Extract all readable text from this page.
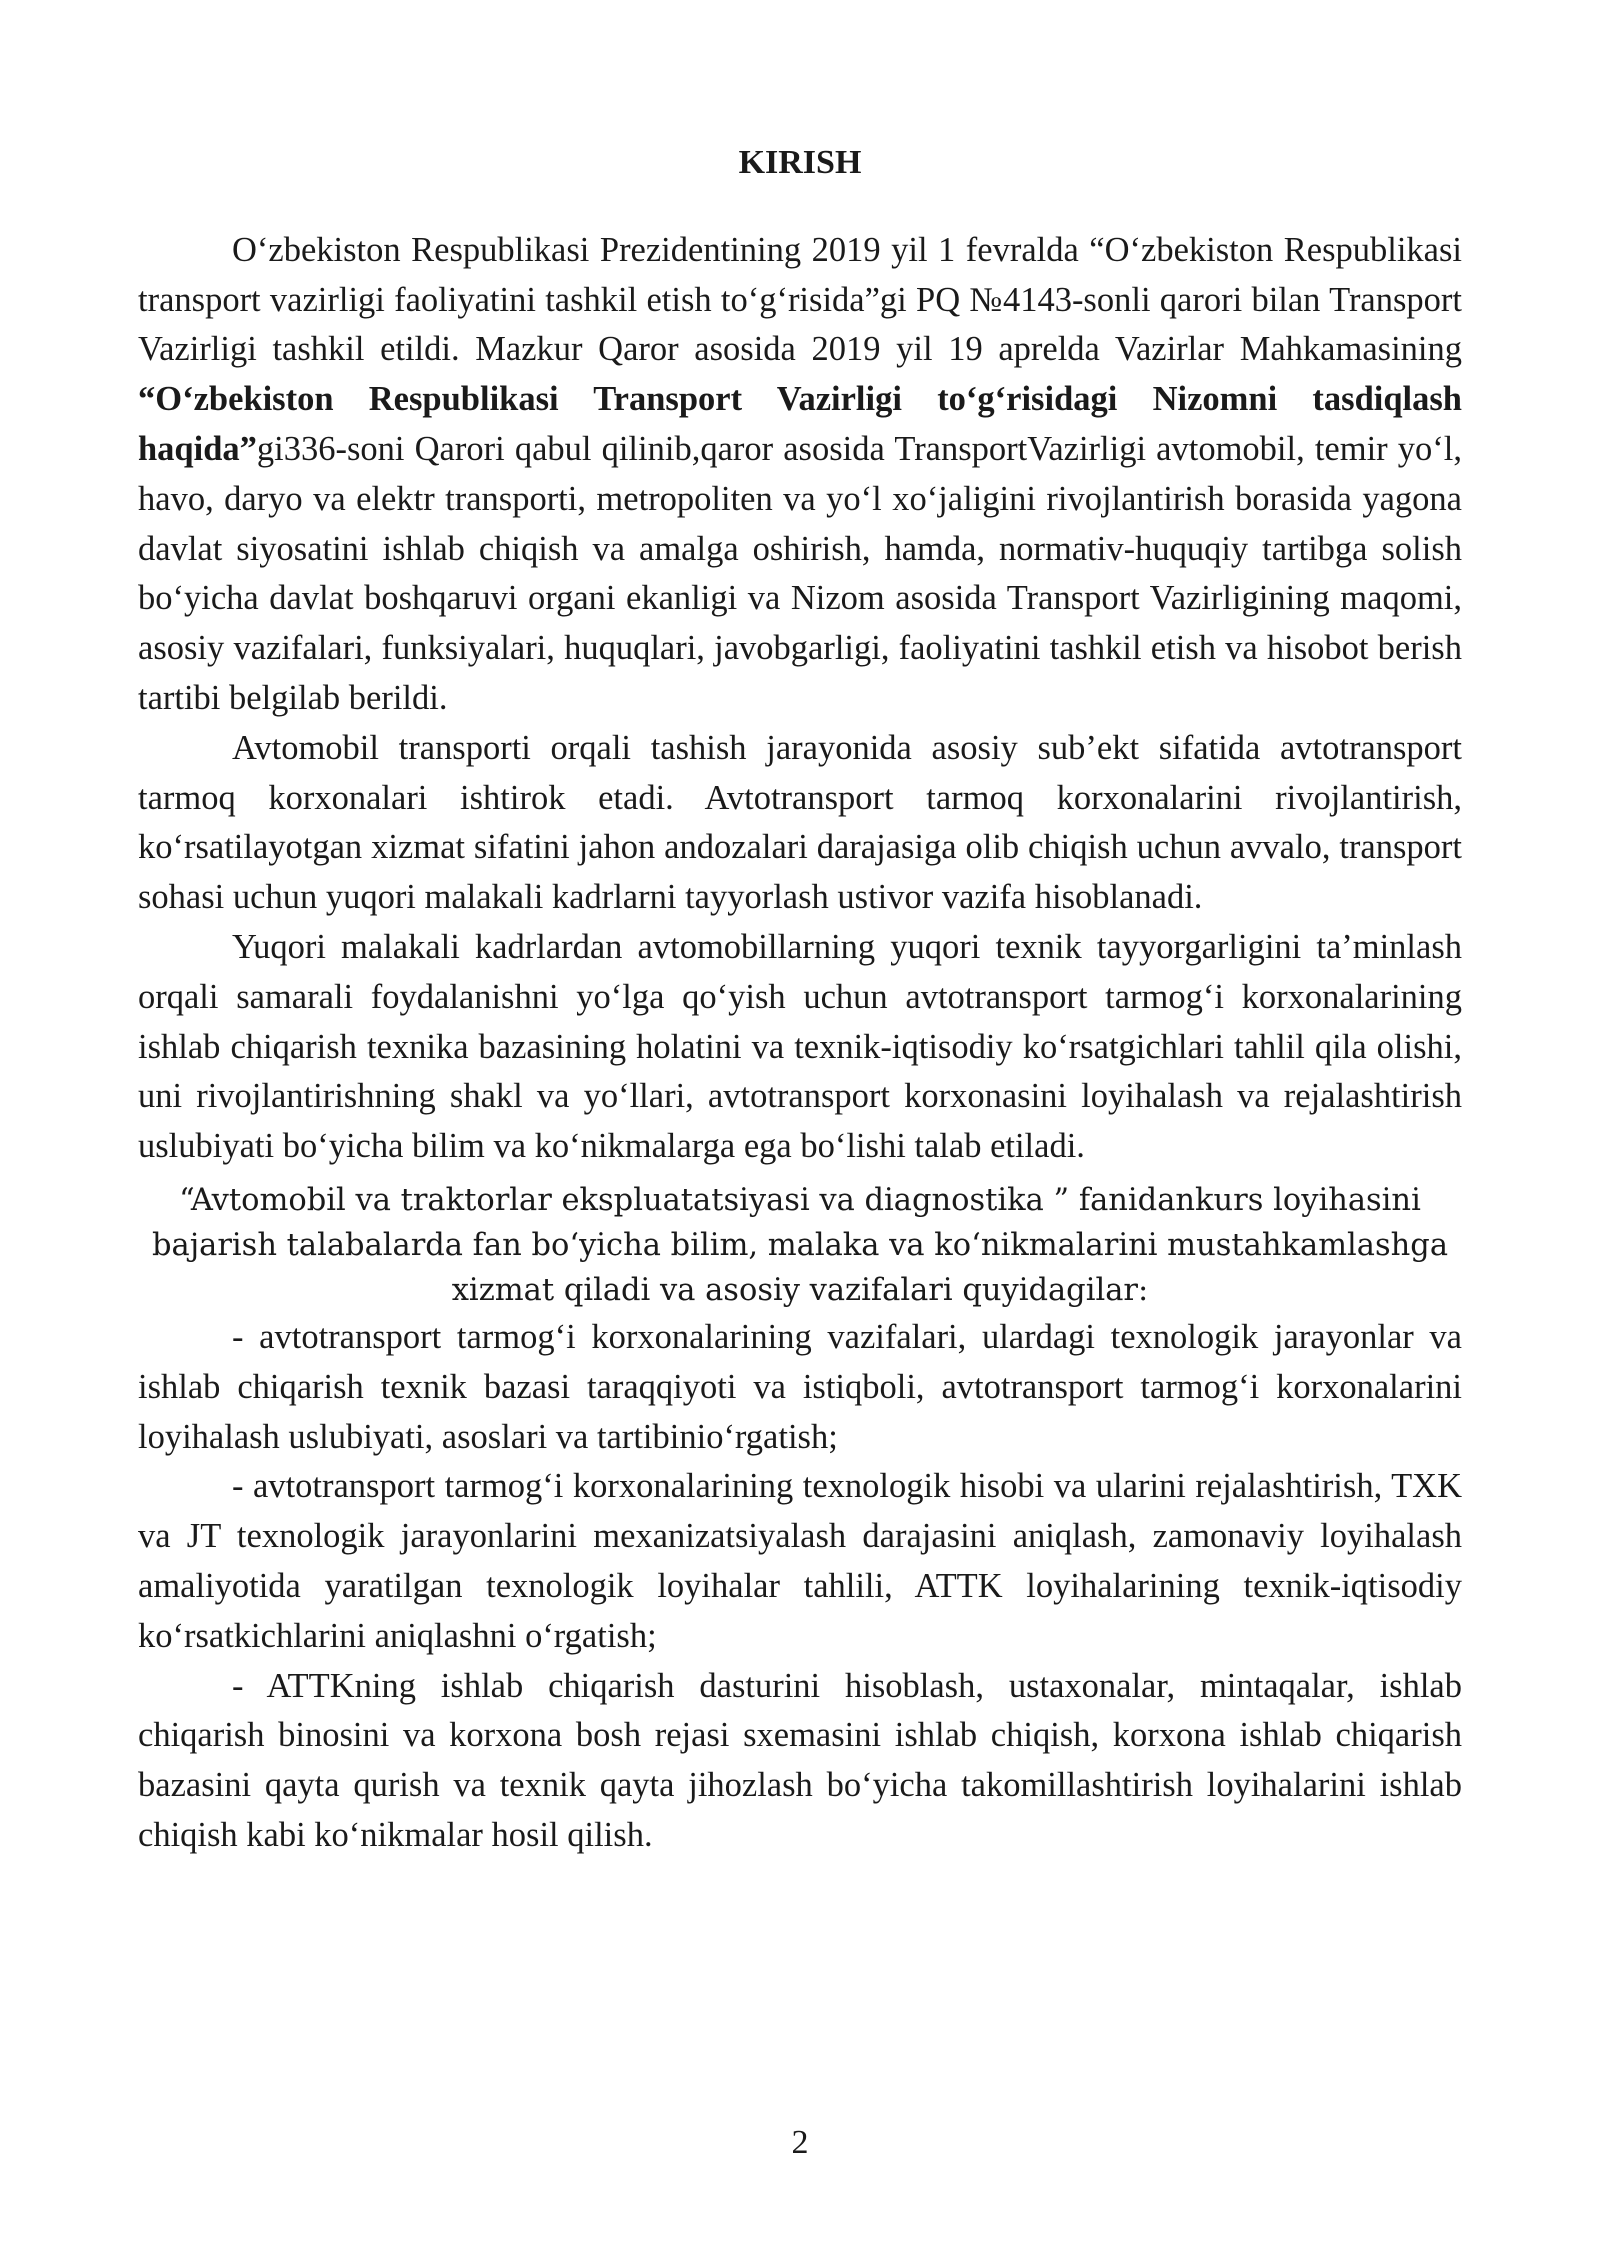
KIRISH

O‘zbekiston Respublikasi Prezidentining 2019 yil 1 fevralda “O‘zbekiston Respublikasi transport vazirligi faoliyatini tashkil etish to‘g‘risida”gi PQ №4143-sonli qarori bilan Transport Vazirligi tashkil etildi. Mazkur Qaror asosida 2019 yil 19 aprelda Vazirlar Mahkamasining “O‘zbekiston Respublikasi Transport Vazirligi to‘g‘risidagi Nizomni tasdiqlash haqida”gi336-soni Qarori qabul qilinib,qaror asosida TransportVazirligi avtomobil, temir yo‘l, havo, daryo va elektr transporti, metropoliten va yo‘l xo‘jaligini rivojlantirish borasida yagona davlat siyosatini ishlab chiqish va amalga oshirish, hamda, normativ-huquqiy tartibga solish bo‘yicha davlat boshqaruvi organi ekanligi va Nizom asosida Transport Vazirligining maqomi, asosiy vazifalari, funksiyalari, huquqlari, javobgarligi, faoliyatini tashkil etish va hisobot berish tartibi belgilab berildi.

Avtomobil transporti orqali tashish jarayonida asosiy sub’ekt sifatida avtotransport tarmoq korxonalari ishtirok etadi. Avtotransport tarmoq korxonalarini rivojlantirish, ko‘rsatilayotgan xizmat sifatini jahon andozalari darajasiga olib chiqish uchun avvalo, transport sohasi uchun yuqori malakali kadrlarni tayyorlash ustivor vazifa hisoblanadi.

Yuqori malakali kadrlardan avtomobillarning yuqori texnik tayyorgarligini ta’minlash orqali samarali foydalanishni yo‘lga qo‘yish uchun avtotransport tarmog‘i korxonalarining ishlab chiqarish texnika bazasining holatini va texnik-iqtisodiy ko‘rsatgichlari tahlil qila olishi, uni rivojlantirishning shakl va yo‘llari, avtotransport korxonasini loyihalash va rejalashtirish uslubiyati bo‘yicha bilim va ko‘nikmalarga ega bo‘lishi talab etiladi.

“Avtomobil va traktorlar ekspluatatsiyasi va diagnostika ” fanidankurs loyihasini
bajarish talabalarda fan bo‘yicha bilim, malaka va ko‘nikmalarini mustahkamlashga
xizmat qiladi va asosiy vazifalari quyidagilar:

- avtotransport tarmog‘i korxonalarining vazifalari, ulardagi texnologik jarayonlar va ishlab chiqarish texnik bazasi taraqqiyoti va istiqboli, avtotransport tarmog‘i korxonalarini loyihalash uslubiyati, asoslari va tartibinio‘rgatish;

- avtotransport tarmog‘i korxonalarining texnologik hisobi va ularini rejalashtirish, TXK va JT texnologik jarayonlarini mexanizatsiyalash darajasini aniqlash, zamonaviy loyihalash amaliyotida yaratilgan texnologik loyihalar tahlili, ATTK loyihalarining texnik-iqtisodiy ko‘rsatkichlarini aniqlashni o‘rgatish;

- ATTKning ishlab chiqarish dasturini hisoblash, ustaxonalar, mintaqalar, ishlab chiqarish binosini va korxona bosh rejasi sxemasini ishlab chiqish, korxona ishlab chiqarish bazasini qayta qurish va texnik qayta jihozlash bo‘yicha takomillashtirish loyihalarini ishlab chiqish kabi ko‘nikmalar hosil qilish.

2
